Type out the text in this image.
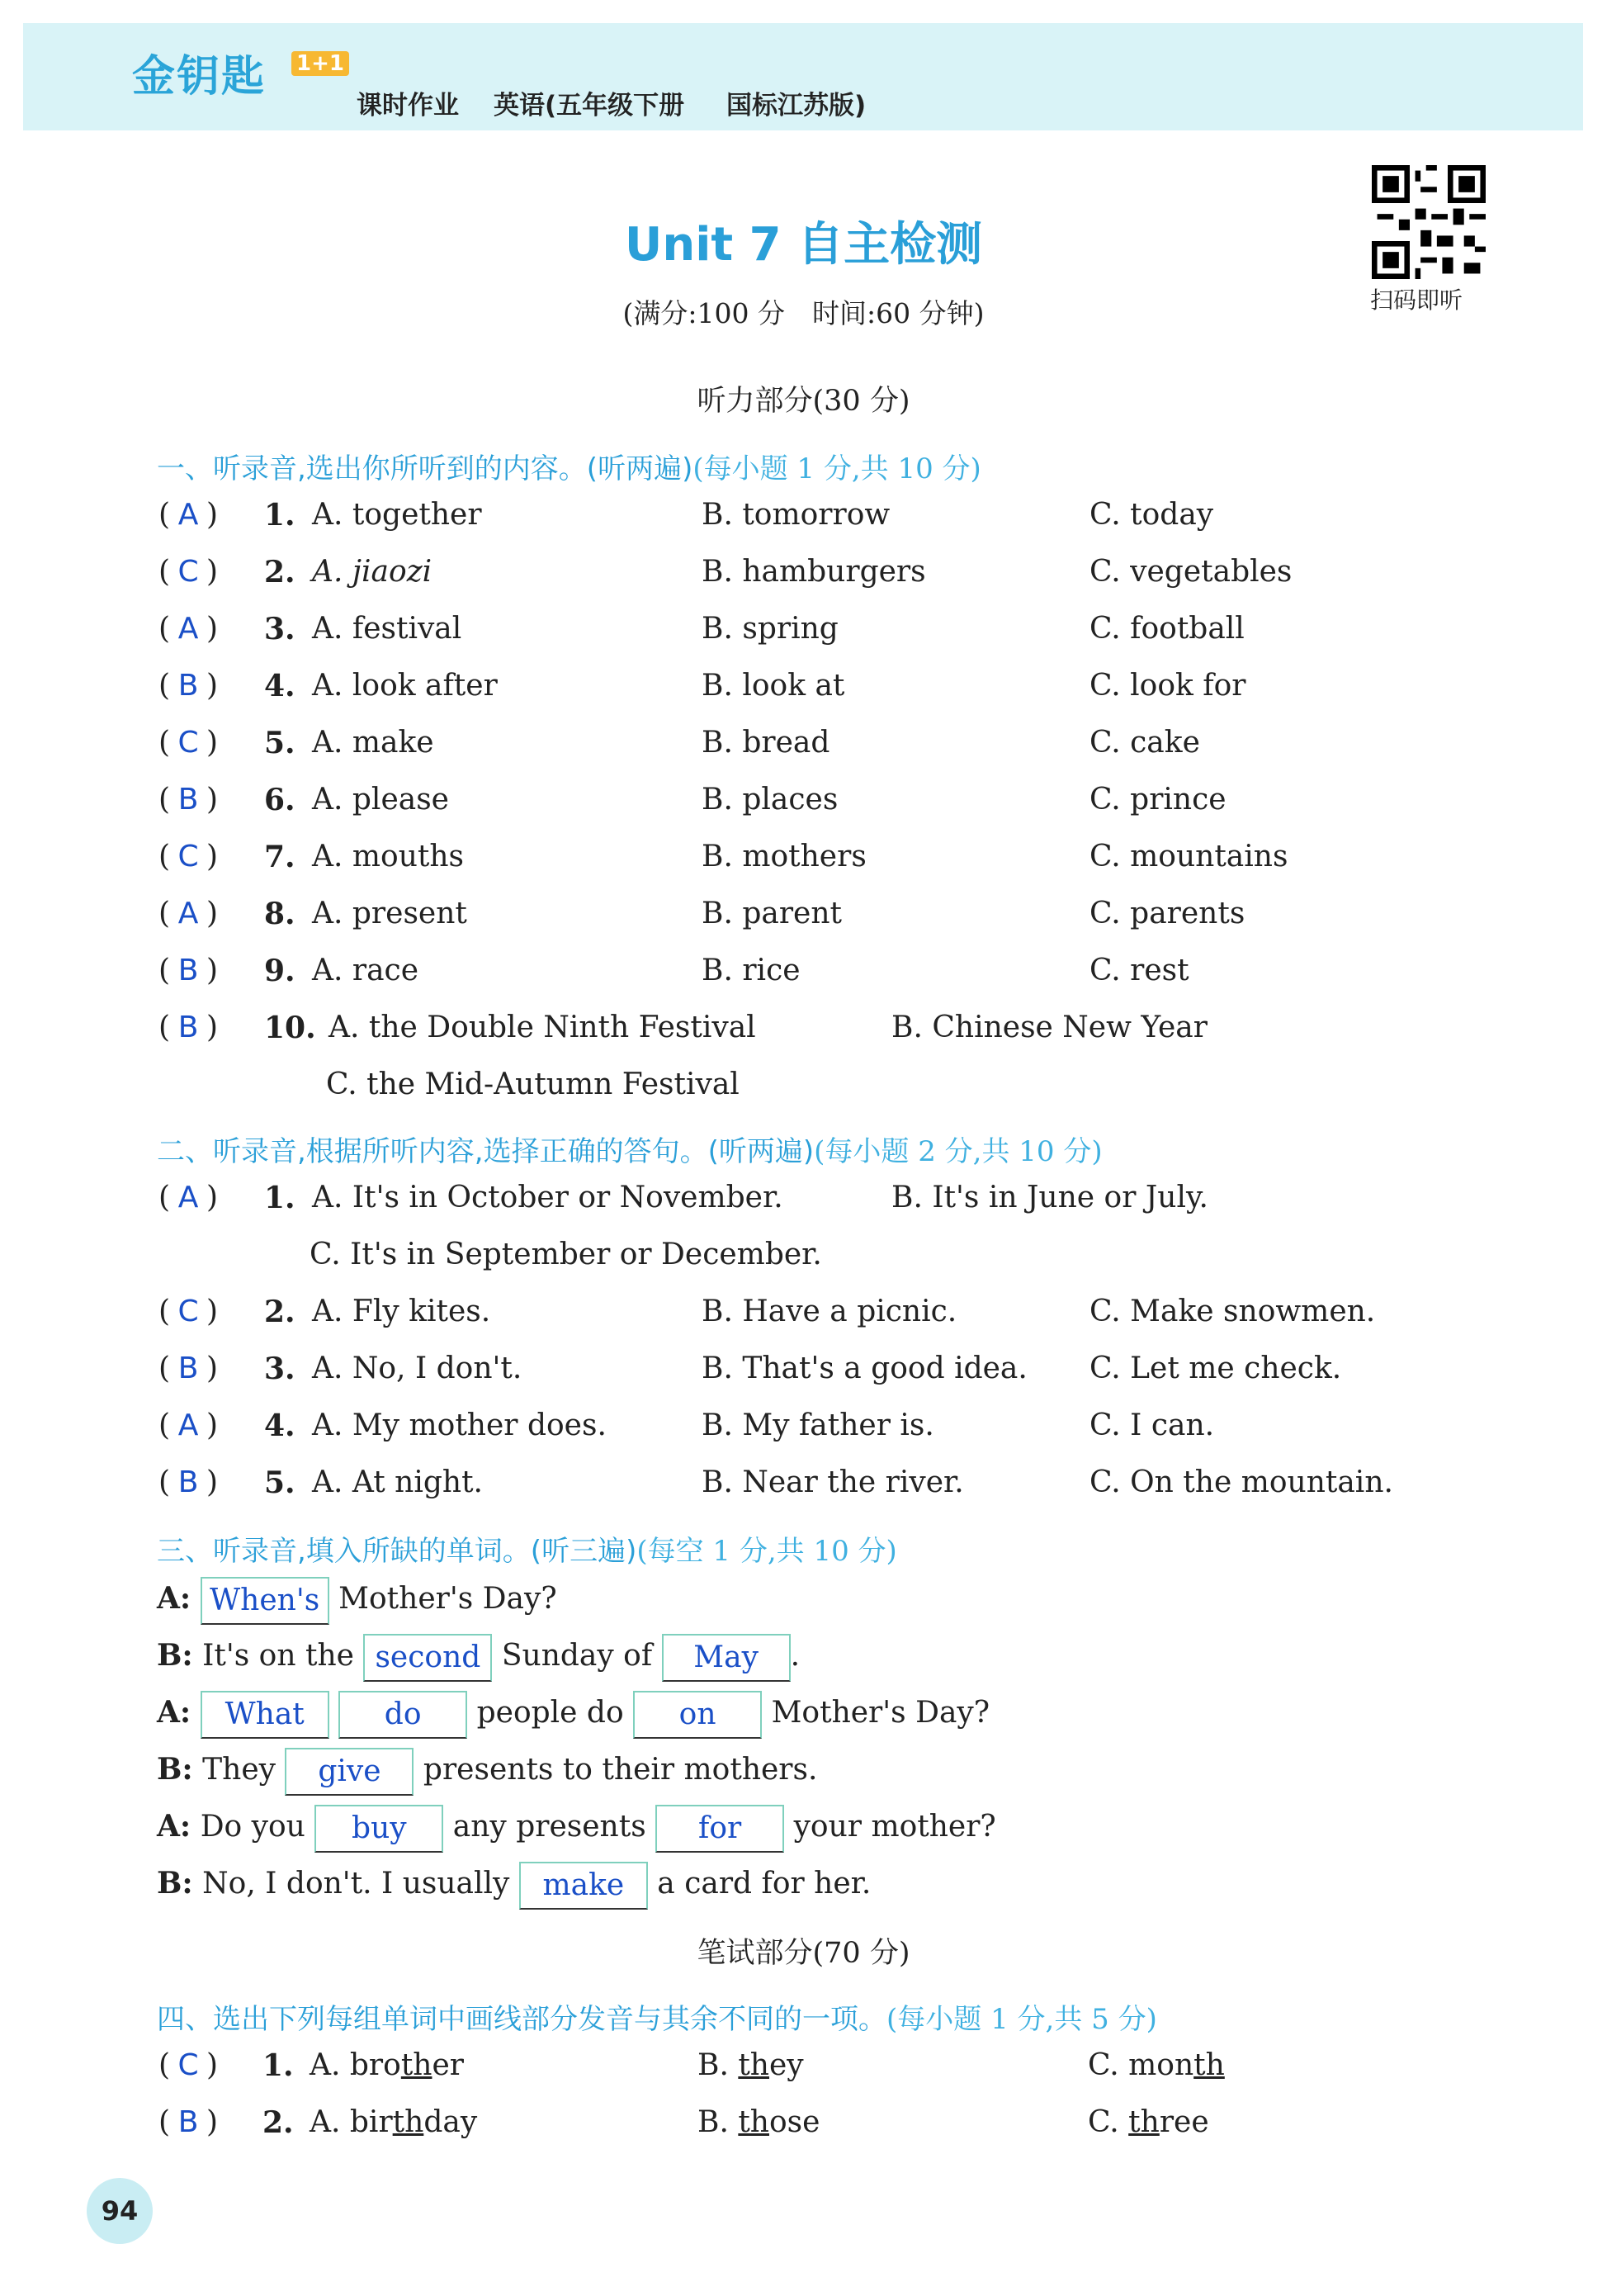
金钥匙 1+1
课时作业 英语(五年级下册 国标江苏版)
Unit 7 自主检测
(满分:100 分　时间:60 分钟)	扫码即听
听力部分(30 分)
一、听录音,选出你所听到的内容。(听两遍)(每小题 1 分,共 10 分)
( A ) 1. A. together	B. tomorrow	C. today
( C ) 2. A. jiaozi	B. hamburgers	C. vegetables
( A ) 3. A. festival	B. spring	C. football
( B ) 4. A. look after	B. look at	C. look for
( C ) 5. A. make	B. bread	C. cake
( B ) 6. A. please	B. places	C. prince
( C ) 7. A. mouths	B. mothers	C. mountains
( A ) 8. A. present	B. parent	C. parents
( B ) 9. A. race	B. rice	C. rest
( B ) 10. A. the Double Ninth Festival	B. Chinese New Year
C. the Mid-Autumn Festival
二、听录音,根据所听内容,选择正确的答句。(听两遍)(每小题 2 分,共 10 分)
( A ) 1. A. It's in October or November.	B. It's in June or July.
C. It's in September or December.
( C ) 2. A. Fly kites.	B. Have a picnic.	C. Make snowmen.
( B ) 3. A. No, I don't.	B. That's a good idea. C. Let me check.
( A ) 4. A. My mother does.	B. My father is.	C. I can.
( B ) 5. A. At night.	B. Near the river.	C. On the mountain.
三、听录音,填入所缺的单词。(听三遍)(每空 1 分,共 10 分)
A: When's Mother's Day?
B: It's on the second Sunday of May .
A: What	do people do on Mother's Day?
B: They give presents to their mothers.
A: Do you buy any presents for your mother?
B: No, I don't. I usually make a card for her.
笔试部分(70 分)
四、选出下列每组单词中画线部分发音与其余不同的一项。(每小题 1 分,共 5 分)
( C ) 1. A. brother	B. they	C. month
( B ) 2. A. birthday	B. those	C. three
94
